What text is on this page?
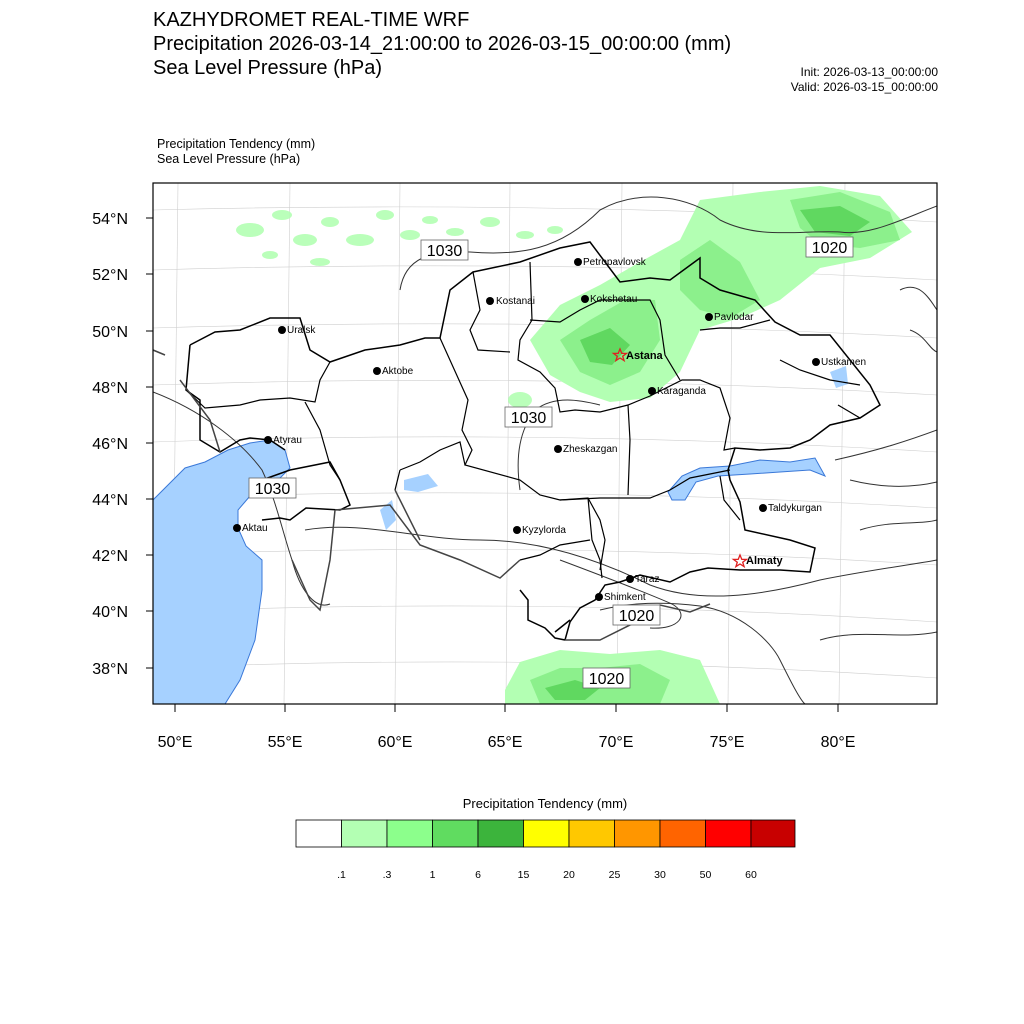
KAZHYDROMET REAL-TIME WRF
Precipitation 2026-03-14_21:00:00 to 2026-03-15_00:00:00 (mm)
Sea Level Pressure (hPa)	Init: 2026-03-13_00:00:00
Valid: 2026-03-15_00:00:00
Precipitation Tendency (mm)
Sea Level Pressure (hPa)
54°N
52°N
50°N
48°N
46°N
44°N
42°N
40°N
38°N
50°E	55°E	60°E	65°E	70°E	75°E	80°E
1030	1020
1030
1030
1020
1020
Petropavlovsk
Kostanai	Kokshetau
Pavlodar
Uralsk
Aktobe
Ustkamen
Karaganda
Atyrau
Zheskazgan
Aktau	Kyzylorda
Taldykurgan
Taraz
Shimkent
Astana
Almaty
.1	.3	1	6	15	20	25	30	50	60
Precipitation Tendency (mm)
